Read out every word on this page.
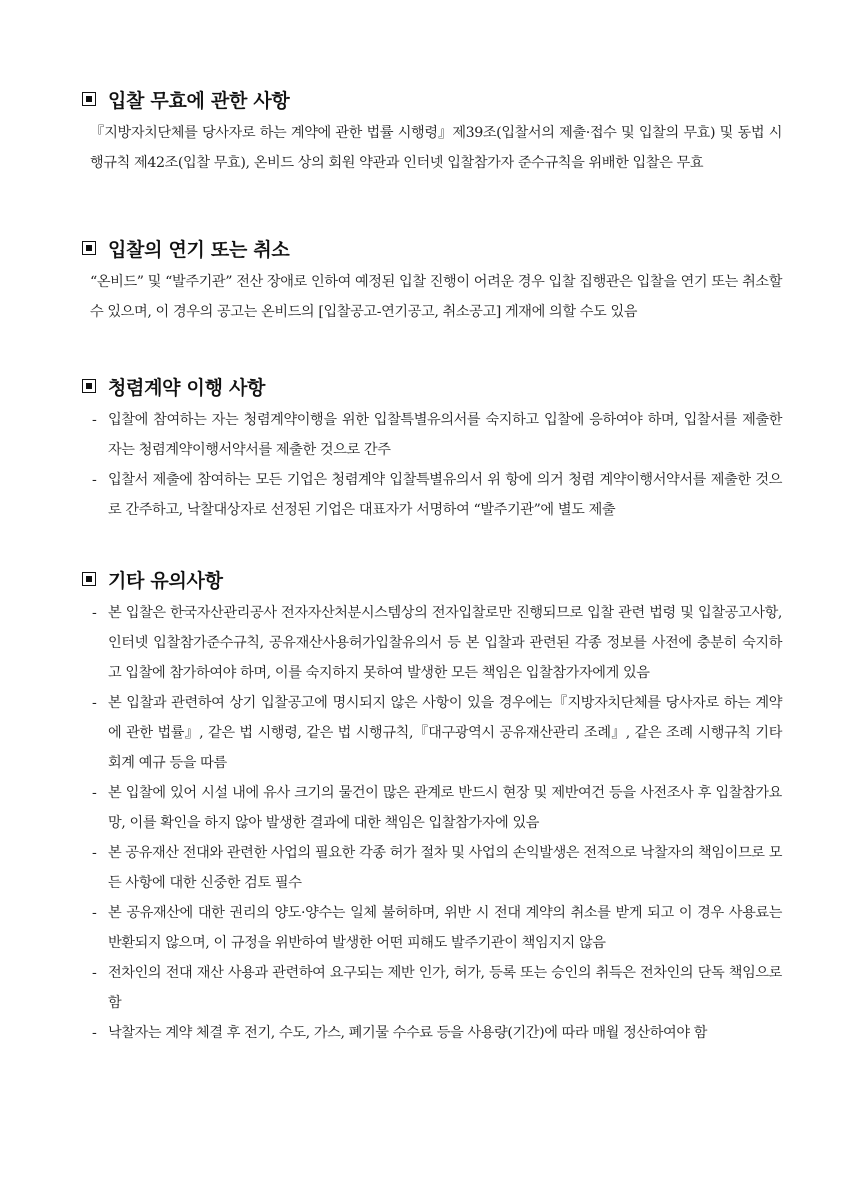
입찰 무효에 관한 사항
『지방자치단체를 당사자로 하는 계약에 관한 법률 시행령』제39조(입찰서의 제출·접수 및 입찰의 무효) 및 동법 시행규칙 제42조(입찰 무효), 온비드 상의 회원 약관과 인터넷 입찰참가자 준수규칙을 위배한 입찰은 무효
입찰의 연기 또는 취소
“온비드” 및 “발주기관” 전산 장애로 인하여 예정된 입찰 진행이 어려운 경우 입찰 집행관은 입찰을 연기 또는 취소할 수 있으며, 이 경우의 공고는 온비드의 [입찰공고-연기공고, 취소공고] 게재에 의할 수도 있음
청렴계약 이행 사항
- 입찰에 참여하는 자는 청렴계약이행을 위한 입찰특별유의서를 숙지하고 입찰에 응하여야 하며, 입찰서를 제출한 자는 청렴계약이행서약서를 제출한 것으로 간주
- 입찰서 제출에 참여하는 모든 기업은 청렴계약 입찰특별유의서 위 항에 의거 청렴 계약이행서약서를 제출한 것으로 간주하고, 낙찰대상자로 선정된 기업은 대표자가 서명하여 “발주기관”에 별도 제출
기타 유의사항
- 본 입찰은 한국자산관리공사 전자자산처분시스템상의 전자입찰로만 진행되므로 입찰 관련 법령 및 입찰공고사항, 인터넷 입찰참가준수규칙, 공유재산사용허가입찰유의서 등 본 입찰과 관련된 각종 정보를 사전에 충분히 숙지하고 입찰에 참가하여야 하며, 이를 숙지하지 못하여 발생한 모든 책임은 입찰참가자에게 있음
- 본 입찰과 관련하여 상기 입찰공고에 명시되지 않은 사항이 있을 경우에는『지방자치단체를 당사자로 하는 계약에 관한 법률』, 같은 법 시행령, 같은 법 시행규칙,『대구광역시 공유재산관리 조례』, 같은 조례 시행규칙 기타 회계 예규 등을 따름
- 본 입찰에 있어 시설 내에 유사 크기의 물건이 많은 관계로 반드시 현장 및 제반여건 등을 사전조사 후 입찰참가요망, 이를 확인을 하지 않아 발생한 결과에 대한 책임은 입찰참가자에 있음
- 본 공유재산 전대와 관련한 사업의 필요한 각종 허가 절차 및 사업의 손익발생은 전적으로 낙찰자의 책임이므로 모든 사항에 대한 신중한 검토 필수
- 본 공유재산에 대한 권리의 양도·양수는 일체 불허하며, 위반 시 전대 계약의 취소를 받게 되고 이 경우 사용료는 반환되지 않으며, 이 규정을 위반하여 발생한 어떤 피해도 발주기관이 책임지지 않음
- 전차인의 전대 재산 사용과 관련하여 요구되는 제반 인가, 허가, 등록 또는 승인의 취득은 전차인의 단독 책임으로 함
- 낙찰자는 계약 체결 후 전기, 수도, 가스, 폐기물 수수료 등을 사용량(기간)에 따라 매월 정산하여야 함
